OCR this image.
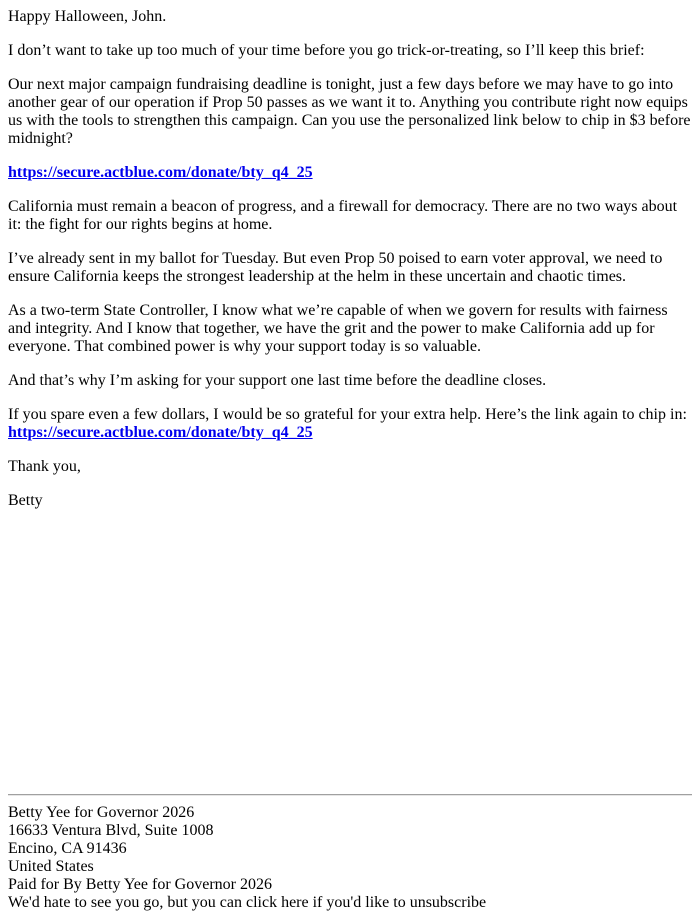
Happy Halloween, John.

I don’t want to take up too much of your time before you go trick-or-treating, so I’ll keep this brief:

Our next major campaign fundraising deadline is tonight, just a few days before we may have to go into another gear of our operation if Prop 50 passes as we want it to. Anything you contribute right now equips us with the tools to strengthen this campaign. Can you use the personalized link below to chip in $3 before midnight?

https://secure.actblue.com/donate/bty_q4_25

California must remain a beacon of progress, and a firewall for democracy. There are no two ways about it: the fight for our rights begins at home.

I’ve already sent in my ballot for Tuesday. But even Prop 50 poised to earn voter approval, we need to ensure California keeps the strongest leadership at the helm in these uncertain and chaotic times.

As a two-term State Controller, I know what we’re capable of when we govern for results with fairness and integrity. And I know that together, we have the grit and the power to make California add up for everyone. That combined power is why your support today is so valuable.

And that’s why I’m asking for your support one last time before the deadline closes.

If you spare even a few dollars, I would be so grateful for your extra help. Here’s the link again to chip in: https://secure.actblue.com/donate/bty_q4_25

Thank you,

Betty

Betty Yee for Governor 2026
16633 Ventura Blvd, Suite 1008
Encino, CA 91436
United States
Paid for By Betty Yee for Governor 2026
We'd hate to see you go, but you can click here if you'd like to unsubscribe
